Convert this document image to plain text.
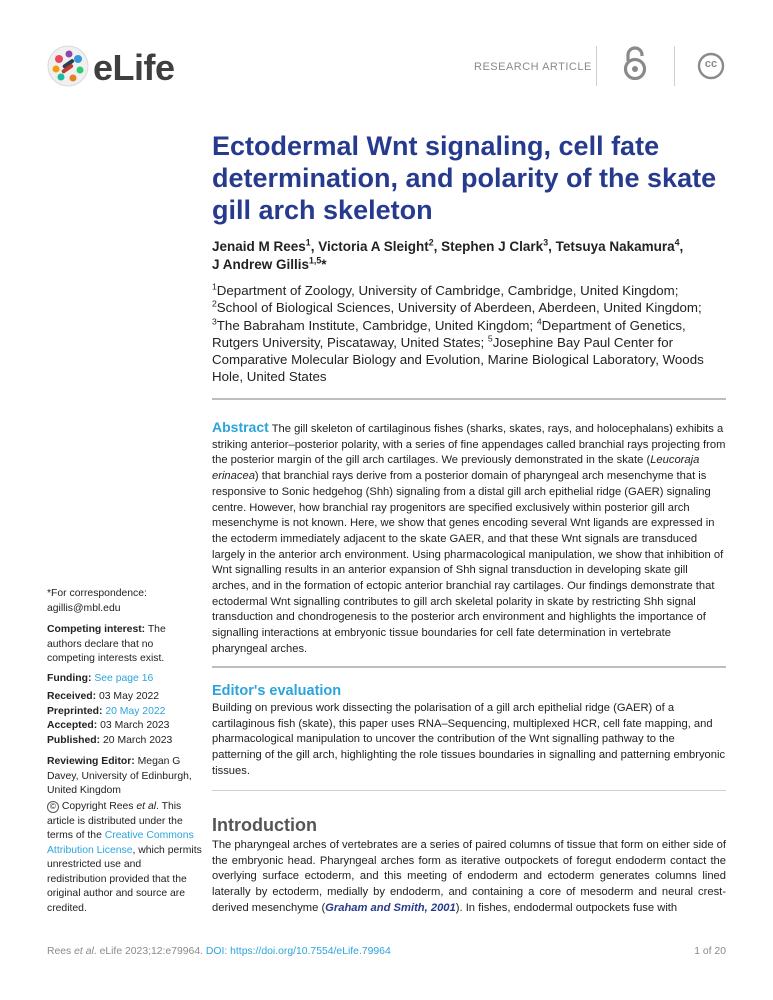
eLife	RESEARCH ARTICLE	cc
Ectodermal Wnt signaling, cell fate determination, and polarity of the skate gill arch skeleton
Jenaid M Rees$^1$, Victoria A Sleight$^2$, Stephen J Clark$^3$, Tetsuya Nakamura$^4$,
J Andrew Gillis$^{1,5}$*
$^1$Department of Zoology, University of Cambridge, Cambridge, United Kingdom;
$^2$School of Biological Sciences, University of Aberdeen, Aberdeen, United Kingdom;
$^3$The Babraham Institute, Cambridge, United Kingdom; $^4$Department of Genetics, Rutgers University, Piscataway, United States; $^5$Josephine Bay Paul Center for Comparative Molecular Biology and Evolution, Marine Biological Laboratory, Woods Hole, United States
Abstract The gill skeleton of cartilaginous fishes (sharks, skates, rays, and holocephalans) exhibits a striking anterior–posterior polarity, with a series of fine appendages called branchial rays projecting from the posterior margin of the gill arch cartilages. We previously demonstrated in the skate (Leucoraja erinacea) that branchial rays derive from a posterior domain of pharyngeal arch mesenchyme that is responsive to Sonic hedgehog (Shh) signaling from a distal gill arch epithelial ridge (GAER) signaling centre. However, how branchial ray progenitors are specified exclusively within posterior gill arch mesenchyme is not known. Here, we show that genes encoding several Wnt ligands are expressed in the ectoderm immediately adjacent to the skate GAER, and that these Wnt signals are transduced largely in the anterior arch environment. Using pharmacological manipulation, we show that inhibition of Wnt signalling results in an anterior expansion of Shh signal transduction in developing skate gill arches, and in the formation of ectopic anterior branchial ray cartilages. Our findings demonstrate that ectodermal Wnt signalling contributes to gill arch skeletal polarity in skate by restricting Shh signal transduction and chondrogenesis to the posterior arch environment and highlights the importance of signalling interactions at embryonic tissue boundaries for cell fate determination in vertebrate pharyngeal arches.
Editor's evaluation
Building on previous work dissecting the polarisation of a gill arch epithelial ridge (GAER) of a cartilaginous fish (skate), this paper uses RNA–Sequencing, multiplexed HCR, cell fate mapping, and pharmacological manipulation to uncover the contribution of the Wnt signalling pathway to the patterning of the gill arch, highlighting the role tissues boundaries in signalling and patterning embryonic tissues.
Introduction
The pharyngeal arches of vertebrates are a series of paired columns of tissue that form on either side of the embryonic head. Pharyngeal arches form as iterative outpockets of foregut endoderm contact the overlying surface ectoderm, and this meeting of endoderm and ectoderm generates columns lined laterally by ectoderm, medially by endoderm, and containing a core of mesoderm and neural crest-derived mesenchyme (Graham and Smith, 2001). In fishes, endodermal outpockets fuse with
*For correspondence:
agillis@mbl.edu
Competing interest: The authors declare that no competing interests exist.
Funding: See page 16
Received: 03 May 2022
Preprinted: 20 May 2022
Accepted: 03 March 2023
Published: 20 March 2023
Reviewing Editor: Megan G Davey, University of Edinburgh, United Kingdom
© Copyright Rees et al. This article is distributed under the terms of the Creative Commons Attribution License, which permits unrestricted use and redistribution provided that the original author and source are credited.
Rees et al. eLife 2023;12:e79964. DOI: https://doi.org/10.7554/eLife.79964	1 of 20
